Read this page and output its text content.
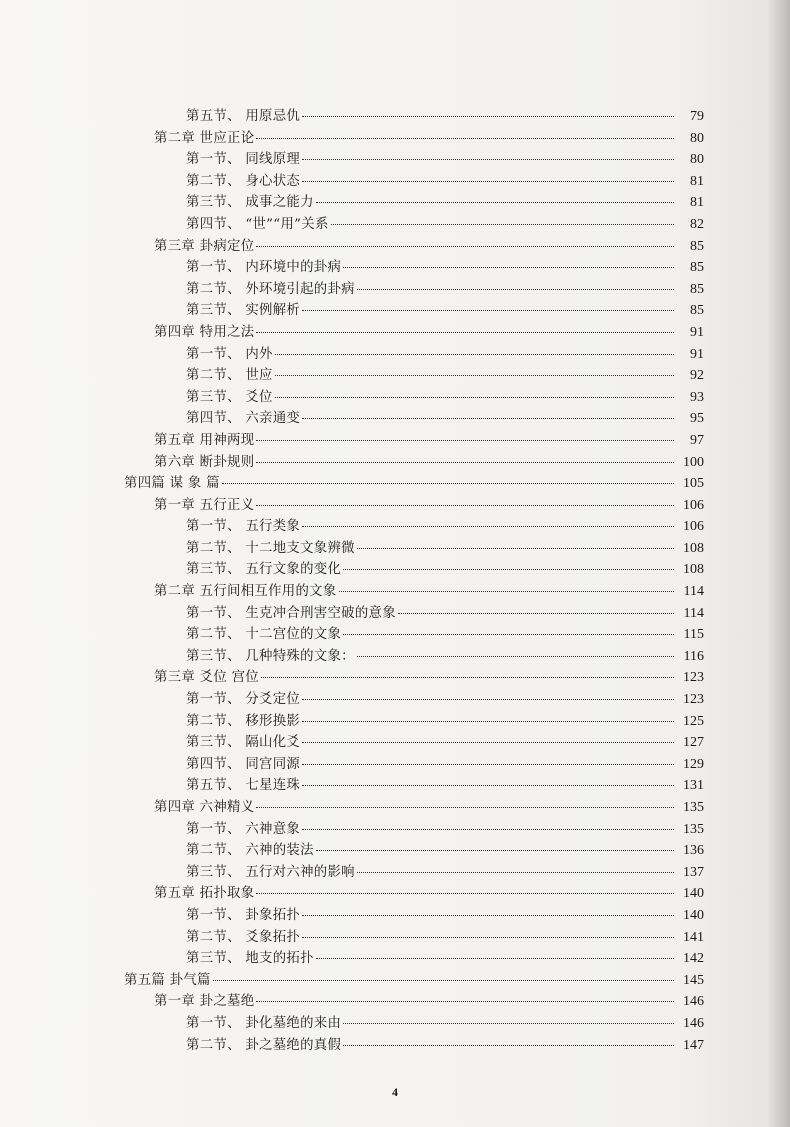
第五节、 用原忌仇	79
第二章 世应正论	80
第一节、 同线原理	80
第二节、 身心状态	81
第三节、 成事之能力	81
第四节、 “世”“用”关系	82
第三章 卦病定位	85
第一节、 内环境中的卦病	85
第二节、 外环境引起的卦病	85
第三节、 实例解析	85
第四章 特用之法	91
第一节、 内外	91
第二节、 世应	92
第三节、 爻位	93
第四节、 六亲通变	95
第五章 用神两现	97
第六章 断卦规则	100
第四篇 谋 象 篇	105
第一章 五行正义	106
第一节、 五行类象	106
第二节、 十二地支文象辨微	108
第三节、 五行文象的变化	108
第二章 五行间相互作用的文象	114
第一节、 生克冲合刑害空破的意象	114
第二节、 十二宫位的文象	115
第三节、 几种特殊的文象：	116
第三章 爻位 宫位	123
第一节、 分爻定位	123
第二节、 移形换影	125
第三节、 隔山化爻	127
第四节、 同宫同源	129
第五节、 七星连珠	131
第四章 六神精义	135
第一节、 六神意象	135
第二节、 六神的装法	136
第三节、 五行对六神的影响	137
第五章 拓扑取象	140
第一节、 卦象拓扑	140
第二节、 爻象拓扑	141
第三节、 地支的拓扑	142
第五篇 卦气篇	145
第一章 卦之墓绝	146
第一节、 卦化墓绝的来由	146
第二节、 卦之墓绝的真假	147
4
